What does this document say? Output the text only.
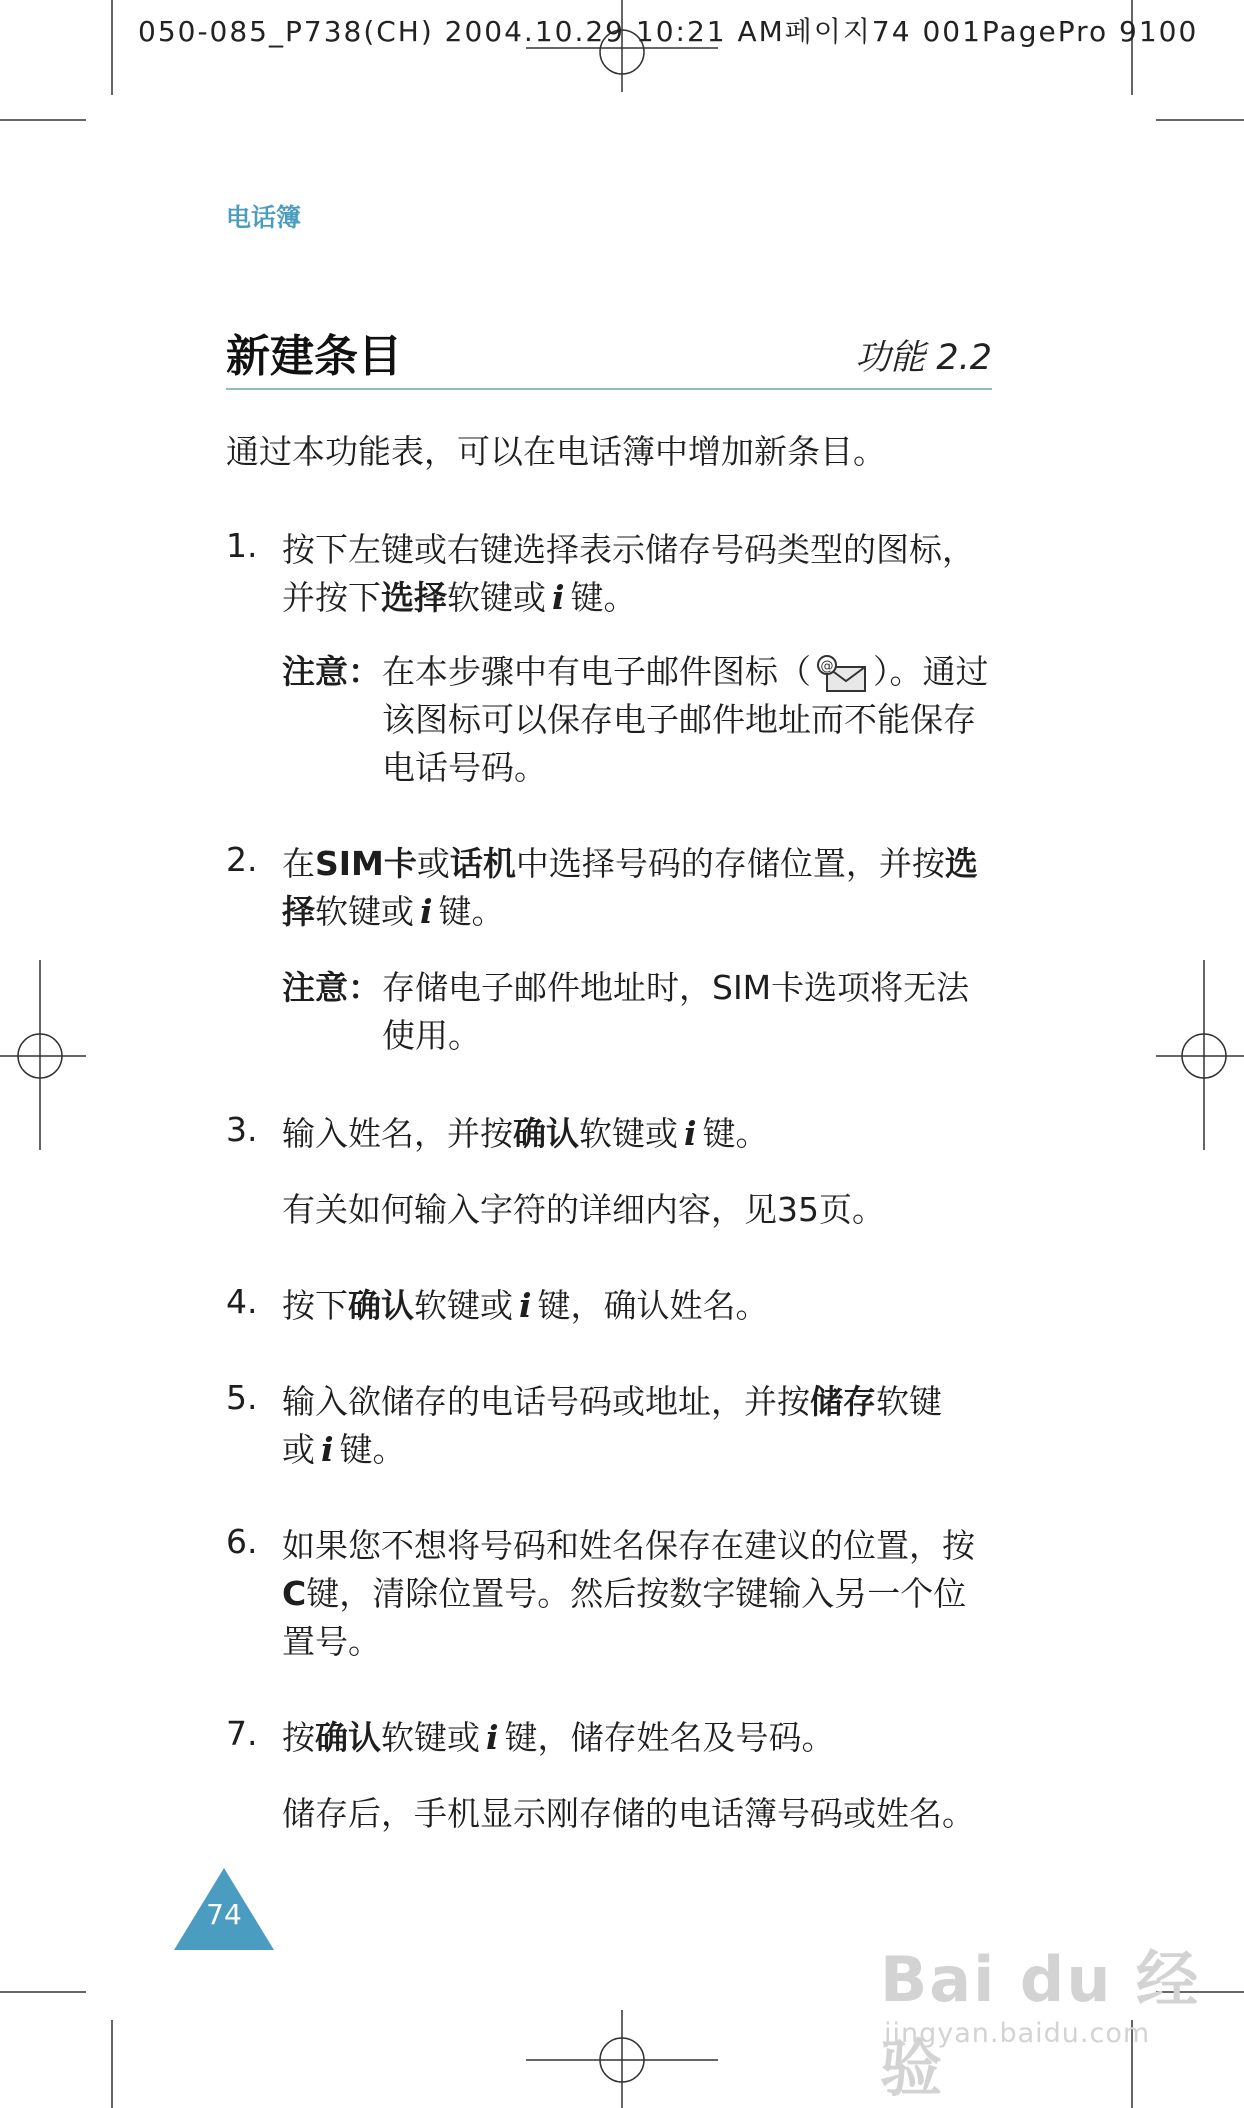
050-085_P738(CH) 2004.10.29 10:21 AM페이지74 001PagePro 9100
电话簿
新建条目	功能 2.2
通过本功能表，可以在电话簿中增加新条目。
1. 按下左键或右键选择表示储存号码类型的图标，
并按下选择软键或 i 键。
注意： 在本步骤中有电子邮件图标（ @ ）。通过
该图标可以保存电子邮件地址而不能保存
电话号码。
2. 在SIM卡或话机中选择号码的存储位置，并按选
择软键或 i 键。
注意： 存储电子邮件地址时，SIM卡选项将无法
使用。
3. 输入姓名，并按确认软键或 i 键。
有关如何输入字符的详细内容，见35页。
4. 按下确认软键或 i 键，确认姓名。
5. 输入欲储存的电话号码或地址，并按储存软键
或 i 键。
6. 如果您不想将号码和姓名保存在建议的位置，按
C键，清除位置号。然后按数字键输入另一个位
置号。
7. 按确认软键或 i 键，储存姓名及号码。
储存后，手机显示刚存储的电话簿号码或姓名。
74
Bai du 经验
jingyan.baidu.com
